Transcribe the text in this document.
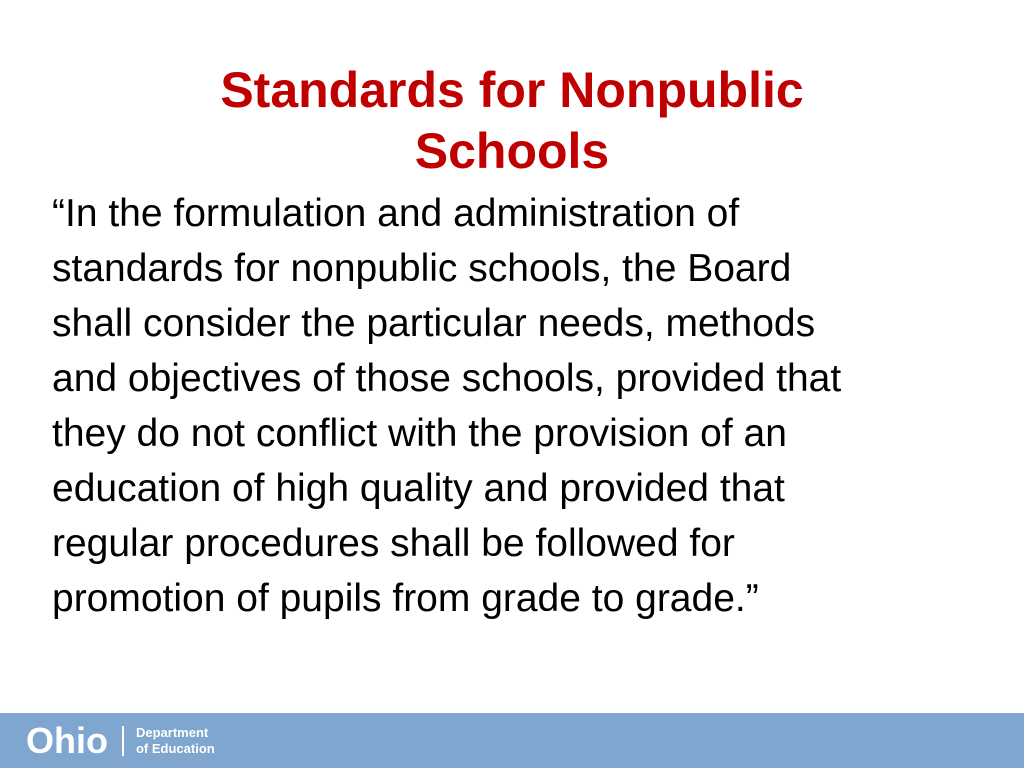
Standards for Nonpublic
Schools

“In the formulation and administration of
standards for nonpublic schools, the Board
shall consider the particular needs, methods
and objectives of those schools, provided that
they do not conflict with the provision of an
education of high quality and provided that
regular procedures shall be followed for
promotion of pupils from grade to grade.”

Ohio Department
of Education
